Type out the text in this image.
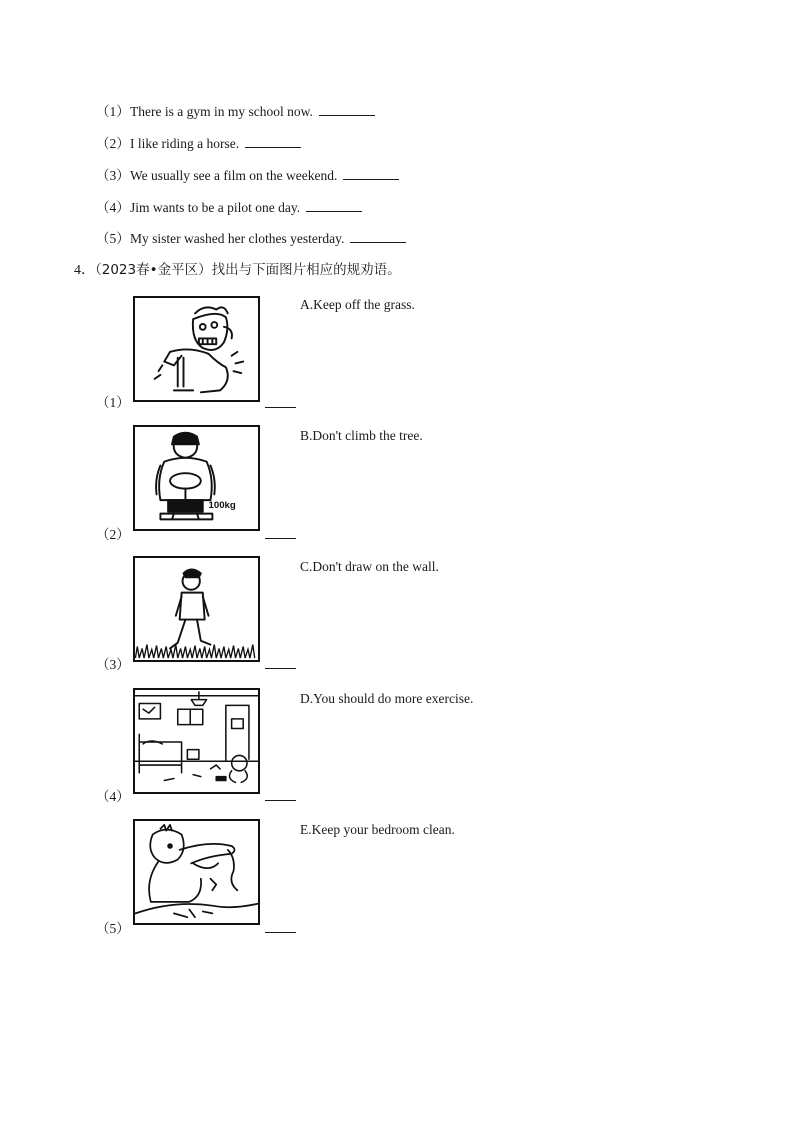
（1）There is a gym in my school now.
（2）I like riding a horse.
（3）We usually see a film on the weekend.
（4）Jim wants to be a pilot one day.
（5）My sister washed her clothes yesterday.
4．（2023春•金平区）找出与下面图片相应的规劝语。
（1）
100kg
（2）
（3）
（4）
（5）
A.Keep off the grass.
B.Don't climb the tree.
C.Don't draw on the wall.
D.You should do more exercise.
E.Keep your bedroom clean.
